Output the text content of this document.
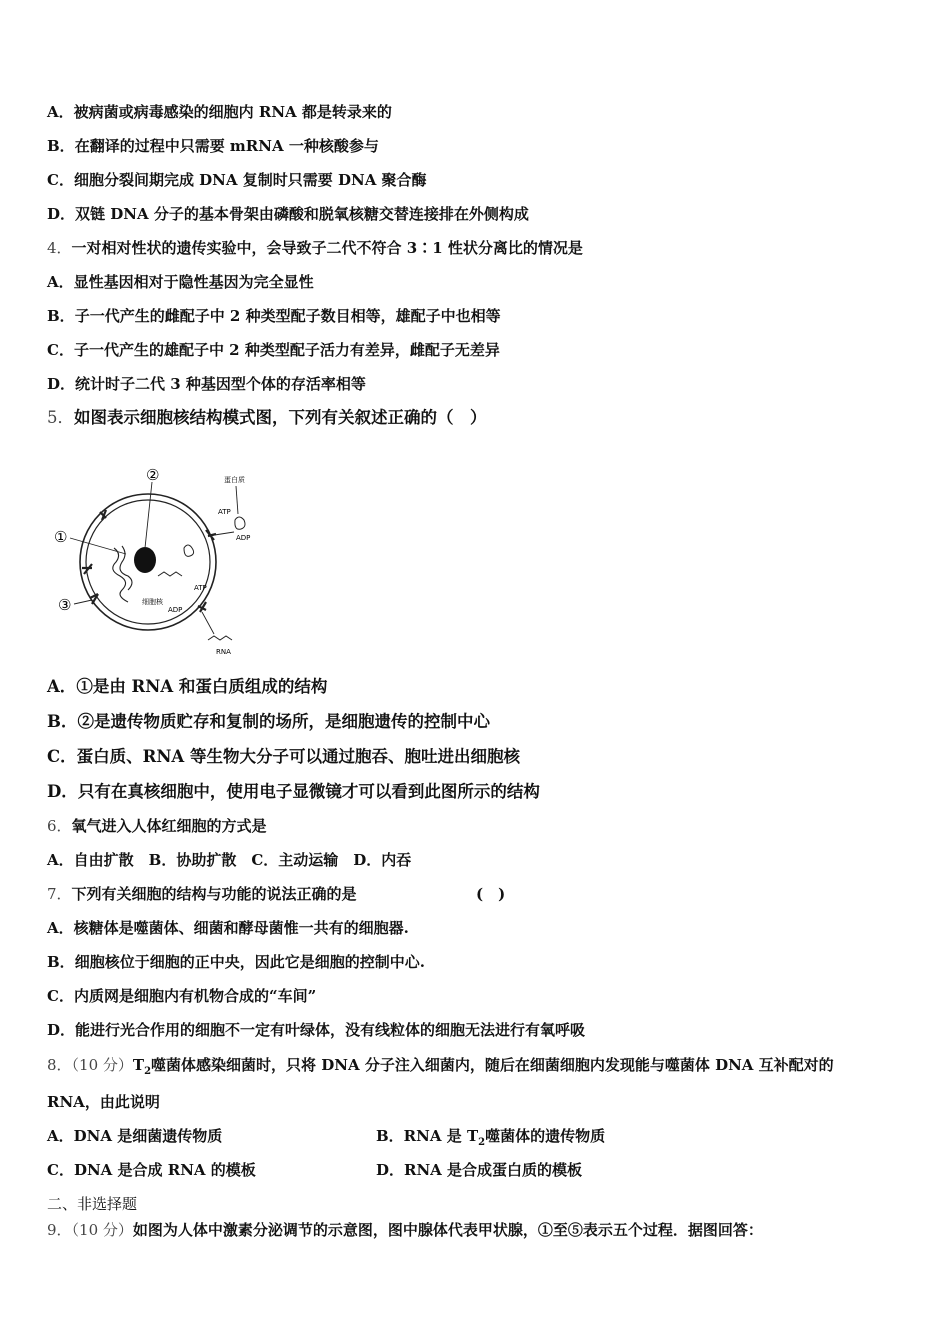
A．被病菌或病毒感染的细胞内 RNA 都是转录来的
B．在翻译的过程中只需要 mRNA 一种核酸参与
C．细胞分裂间期完成 DNA 复制时只需要 DNA 聚合酶
D．双链 DNA 分子的基本骨架由磷酸和脱氧核糖交替连接排在外侧构成
4．一对相对性状的遗传实验中，会导致子二代不符合 3∶1 性状分离比的情况是
A．显性基因相对于隐性基因为完全显性
B．子一代产生的雌配子中 2 种类型配子数目相等，雄配子中也相等
C．子一代产生的雄配子中 2 种类型配子活力有差异，雌配子无差异
D．统计时子二代 3 种基因型个体的存活率相等
5．如图表示细胞核结构模式图，下列有关叙述正确的（　）
①
②
③
蛋白质
ATP
ADP
ATP
ADP
细胞核
RNA
A．①是由 RNA 和蛋白质组成的结构
B．②是遗传物质贮存和复制的场所，是细胞遗传的控制中心
C．蛋白质、RNA 等生物大分子可以通过胞吞、胞吐进出细胞核
D．只有在真核细胞中，使用电子显微镜才可以看到此图所示的结构
6．氧气进入人体红细胞的方式是
A．自由扩散　B．协助扩散　C．主动运输　D．内吞
7．下列有关细胞的结构与功能的说法正确的是	(　)
A．核糖体是噬菌体、细菌和酵母菌惟一共有的细胞器.
B．细胞核位于细胞的正中央，因此它是细胞的控制中心.
C．内质网是细胞内有机物合成的“车间”
D．能进行光合作用的细胞不一定有叶绿体，没有线粒体的细胞无法进行有氧呼吸
8．（10 分）$T_2$噬菌体感染细菌时，只将 DNA 分子注入细菌内，随后在细菌细胞内发现能与噬菌体 DNA 互补配对的
RNA，由此说明
A．DNA 是细菌遗传物质	B．RNA 是 $T_2$噬菌体的遗传物质
C．DNA 是合成 RNA 的模板	D．RNA 是合成蛋白质的模板
二、非选择题
9．（10 分）如图为人体中激素分泌调节的示意图，图中腺体代表甲状腺，①至⑤表示五个过程．据图回答：
